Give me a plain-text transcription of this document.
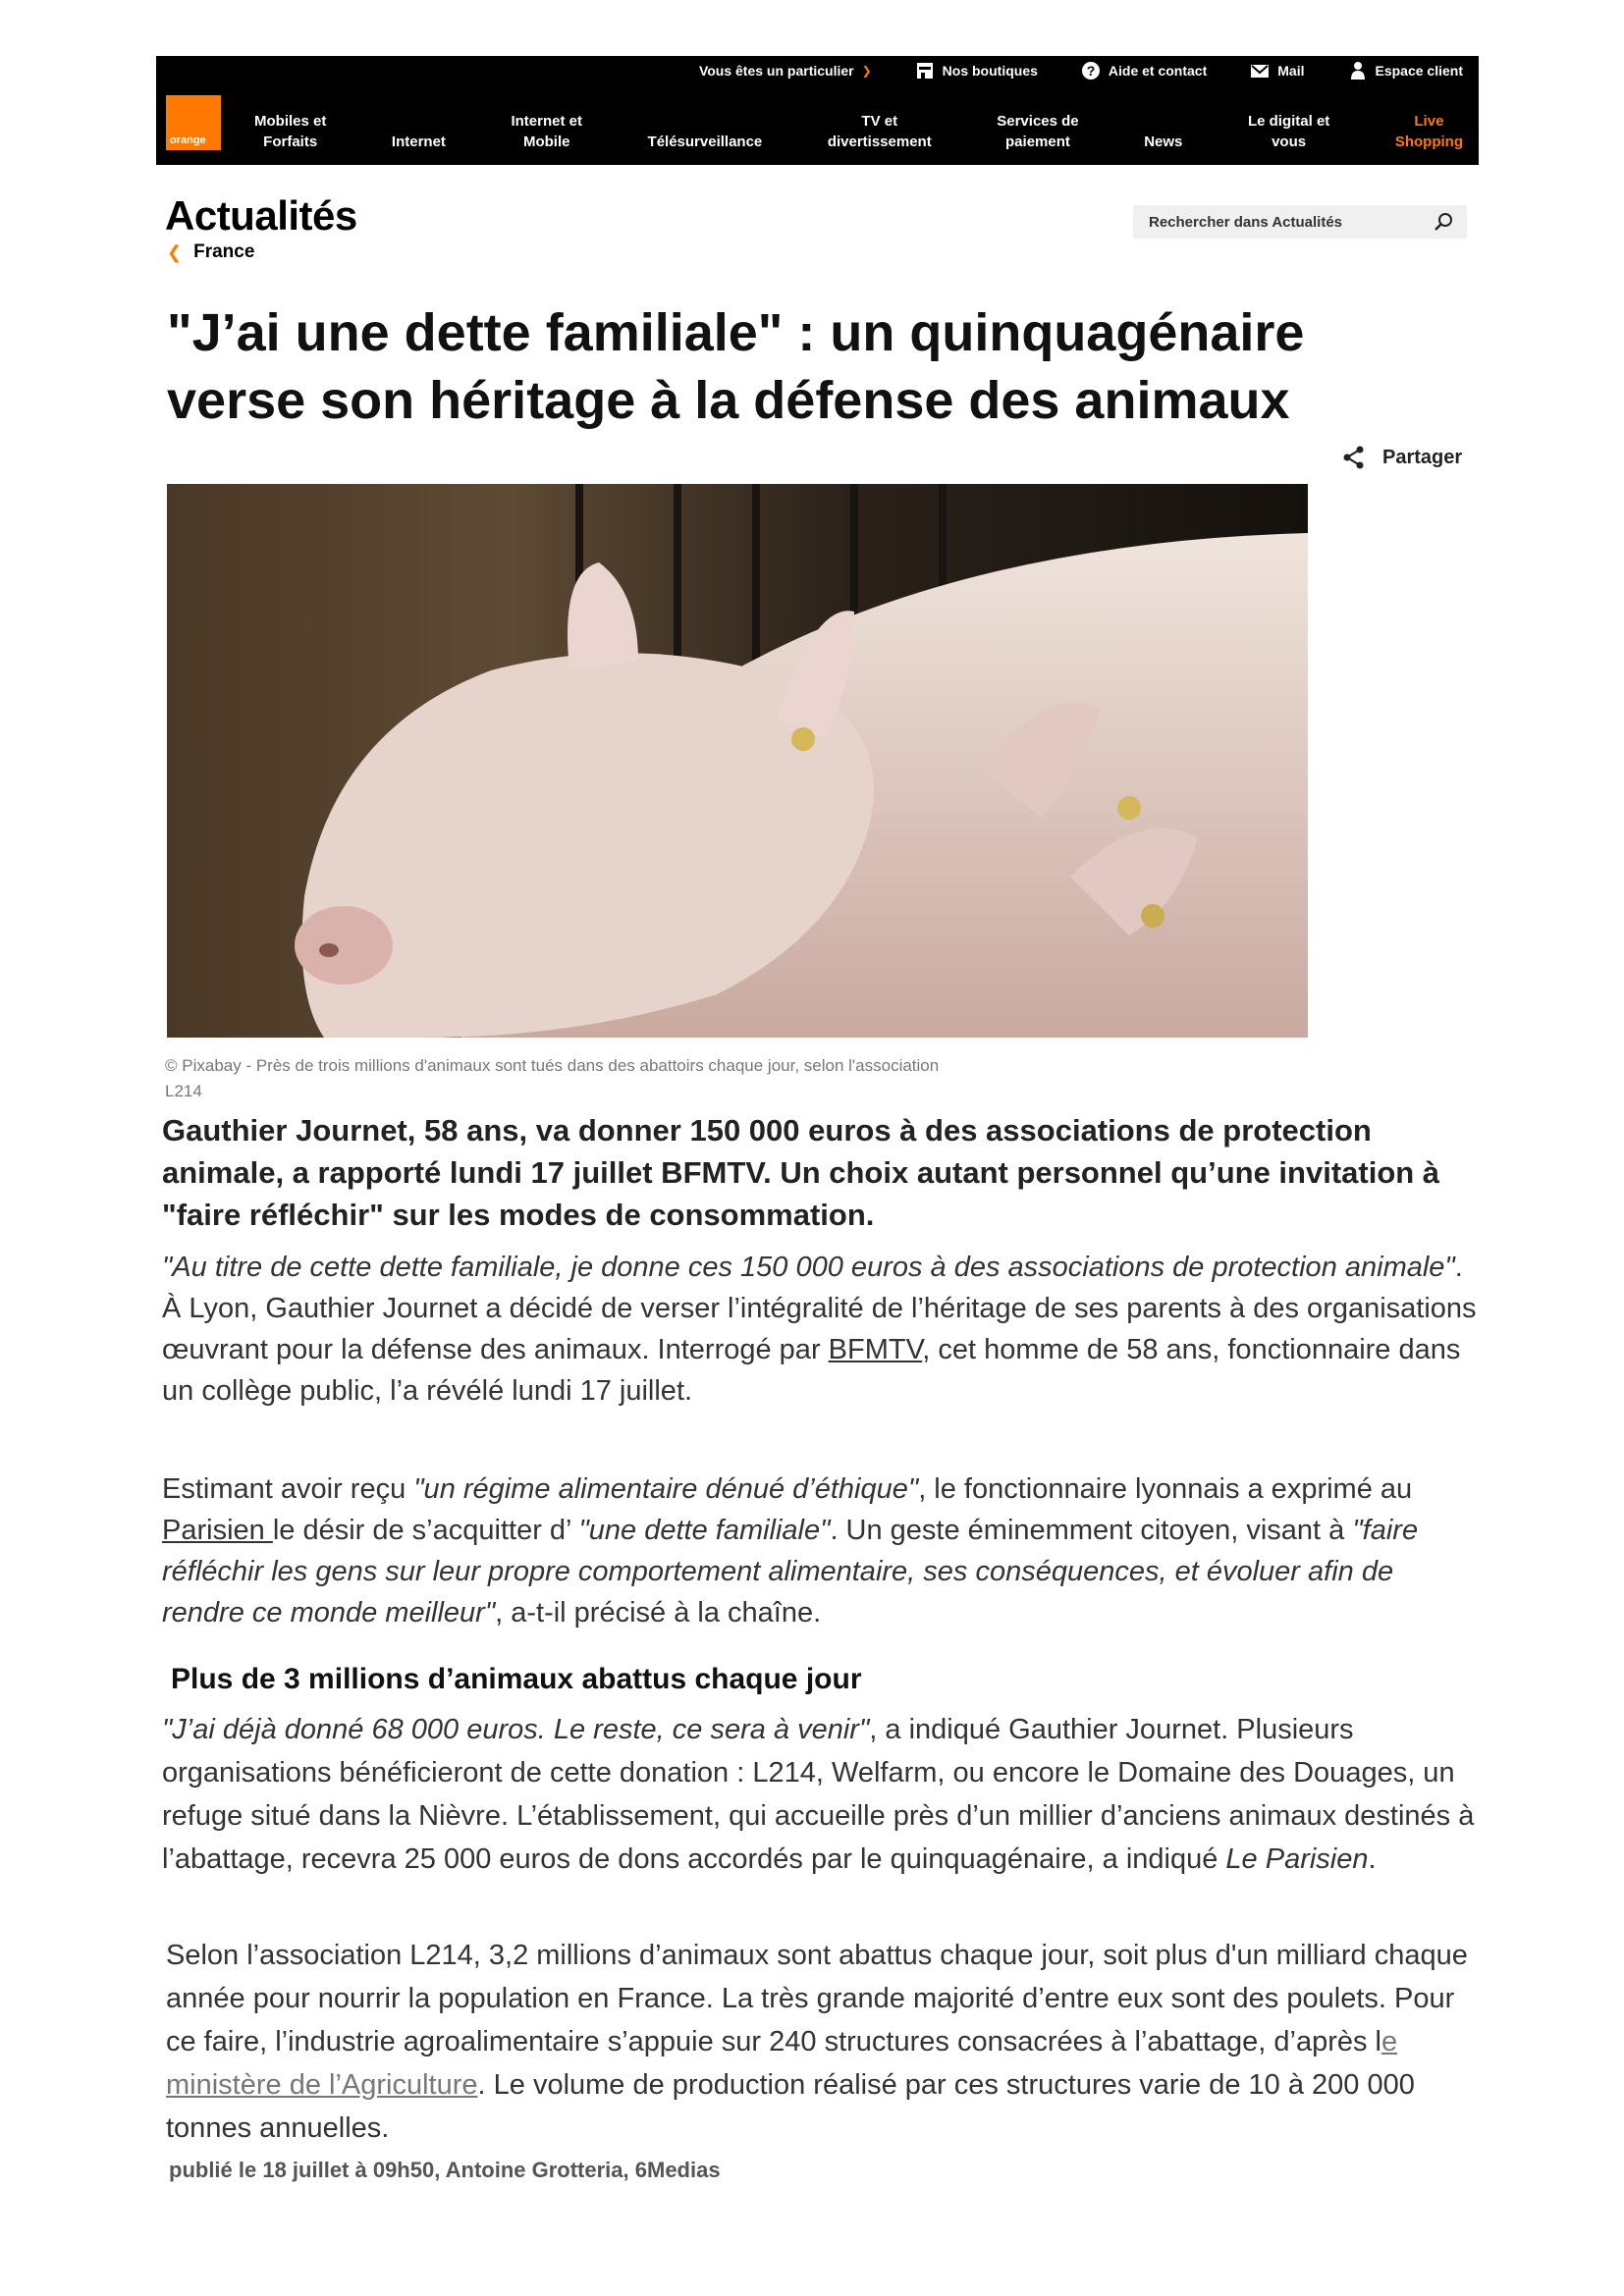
Vous êtes un particulier ❯	Nos boutiques	? Aide et contact	Mail	Espace client
orange
Mobiles et
Forfaits	Internet
Internet et
Mobile	Télésurveillance
TV et
divertissement
Services de
paiement	News
Le digital et
vous
Live
Shopping
Actualités
❮ France
Rechercher dans Actualités
"J’ai une dette familiale" : un quinquagénaire verse son héritage à la défense des animaux
Partager

© Pixabay - Près de trois millions d'animaux sont tués dans des abattoirs chaque jour, selon l'association L214

Gauthier Journet, 58 ans, va donner 150 000 euros à des associations de protection animale, a rapporté lundi 17 juillet BFMTV. Un choix autant personnel qu’une invitation à "faire réfléchir" sur les modes de consommation.

"Au titre de cette dette familiale, je donne ces 150 000 euros à des associations de protection animale". À Lyon, Gauthier Journet a décidé de verser l’intégralité de l’héritage de ses parents à des organisations œuvrant pour la défense des animaux. Interrogé par BFMTV, cet homme de 58 ans, fonctionnaire dans un collège public, l’a révélé lundi 17 juillet.

Estimant avoir reçu "un régime alimentaire dénué d’éthique", le fonctionnaire lyonnais a exprimé au Parisien le désir de s’acquitter d’ "une dette familiale". Un geste éminemment citoyen, visant à "faire réfléchir les gens sur leur propre comportement alimentaire, ses conséquences, et évoluer afin de rendre ce monde meilleur", a-t-il précisé à la chaîne.

Plus de 3 millions d’animaux abattus chaque jour

"J’ai déjà donné 68 000 euros. Le reste, ce sera à venir", a indiqué Gauthier Journet. Plusieurs organisations bénéficieront de cette donation : L214, Welfarm, ou encore le Domaine des Douages, un refuge situé dans la Nièvre. L’établissement, qui accueille près d’un millier d’anciens animaux destinés à l’abattage, recevra 25 000 euros de dons accordés par le quinquagénaire, a indiqué Le Parisien.

Selon l’association L214, 3,2 millions d’animaux sont abattus chaque jour, soit plus d'un milliard chaque année pour nourrir la population en France. La très grande majorité d’entre eux sont des poulets. Pour ce faire, l’industrie agroalimentaire s’appuie sur 240 structures consacrées à l’abattage, d’après le ministère de l’Agriculture. Le volume de production réalisé par ces structures varie de 10 à 200 000 tonnes annuelles.

publié le 18 juillet à 09h50, Antoine Grotteria, 6Medias
